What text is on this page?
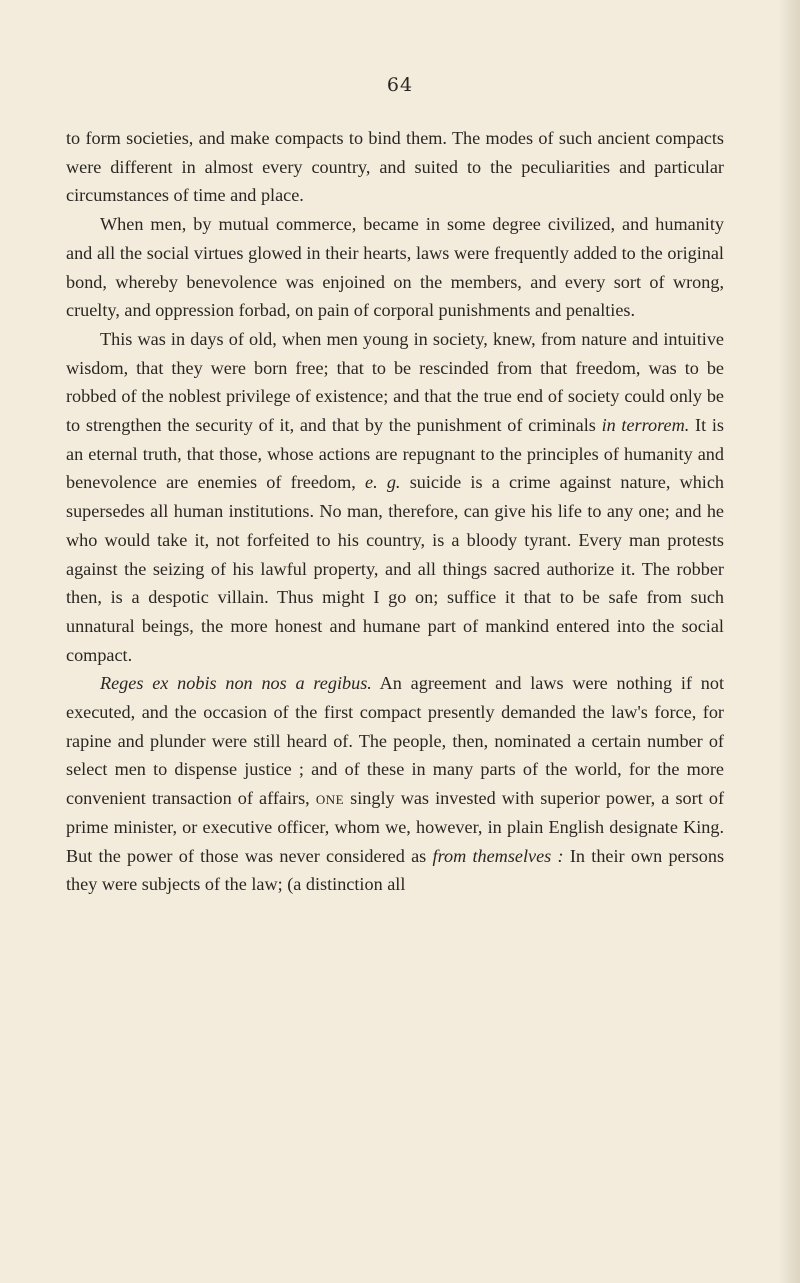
64

to form societies, and make compacts to bind them. The modes of such ancient compacts were different in almost every country, and suited to the peculiarities and particular circumstances of time and place.

When men, by mutual commerce, became in some degree civilized, and humanity and all the social virtues glowed in their hearts, laws were frequently added to the original bond, whereby benevolence was enjoined on the members, and every sort of wrong, cruelty, and oppression forbad, on pain of corporal punishments and penalties.

This was in days of old, when men young in society, knew, from nature and intuitive wisdom, that they were born free; that to be rescinded from that freedom, was to be robbed of the noblest privilege of existence; and that the true end of society could only be to strengthen the security of it, and that by the punishment of criminals in terrorem. It is an eternal truth, that those, whose actions are repugnant to the principles of humanity and benevolence are enemies of freedom, e. g. suicide is a crime against nature, which supersedes all human institutions. No man, therefore, can give his life to any one; and he who would take it, not forfeited to his country, is a bloody tyrant. Every man protests against the seizing of his lawful property, and all things sacred authorize it. The robber then, is a despotic villain. Thus might I go on; suffice it that to be safe from such unnatural beings, the more honest and humane part of mankind entered into the social compact.

Reges ex nobis non nos a regibus. An agreement and laws were nothing if not executed, and the occasion of the first compact presently demanded the law's force, for rapine and plunder were still heard of. The people, then, nominated a certain number of select men to dispense justice ; and of these in many parts of the world, for the more convenient transaction of affairs, one singly was invested with superior power, a sort of prime minister, or executive officer, whom we, however, in plain English designate King. But the power of those was never considered as from themselves : In their own persons they were subjects of the law; (a distinction all
